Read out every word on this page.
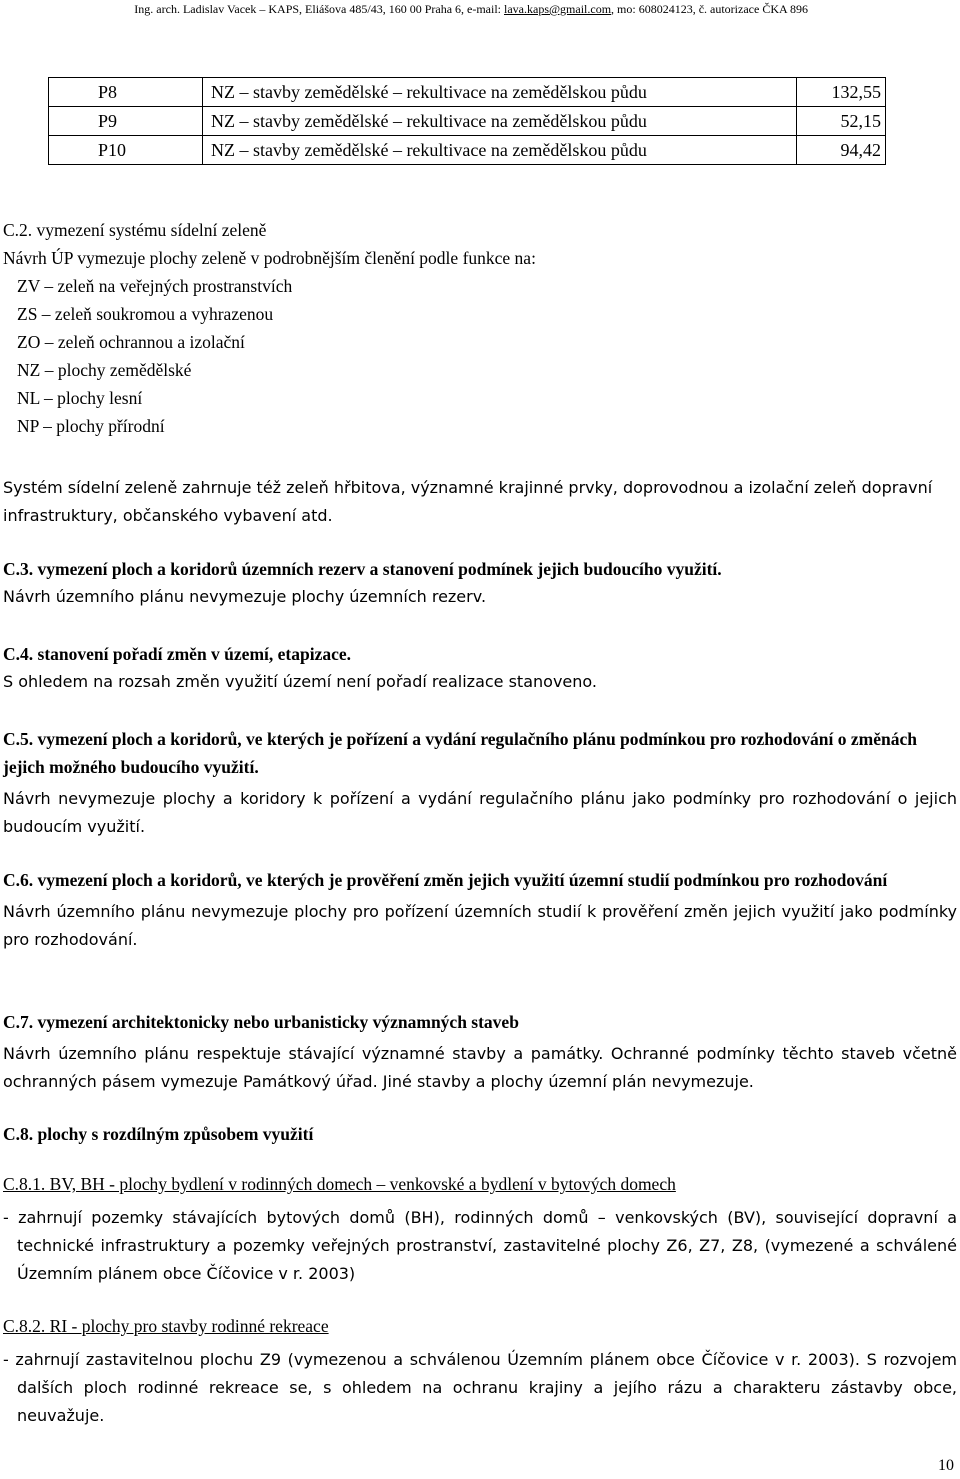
Ing. arch. Ladislav Vacek – KAPS, Eliášova 485/43, 160 00 Praha 6, e-mail: lava.kaps@gmail.com, mo: 608024123, č. autorizace ČKA 896
P8	NZ – stavby zemědělské – rekultivace na zemědělskou půdu	132,55
P9	NZ – stavby zemědělské – rekultivace na zemědělskou půdu	52,15
P10	NZ – stavby zemědělské – rekultivace na zemědělskou půdu	94,42
C.2. vymezení systému sídelní zeleně
Návrh ÚP vymezuje plochy zeleně v podrobnějším členění podle funkce na:
ZV – zeleň na veřejných prostranstvích
ZS – zeleň soukromou a vyhrazenou
ZO – zeleň ochrannou a izolační
NZ – plochy zemědělské
NL – plochy lesní
NP – plochy přírodní
Systém sídelní zeleně zahrnuje též zeleň hřbitova, významné krajinné prvky, doprovodnou a izolační zeleň dopravní infrastruktury, občanského vybavení atd.
C.3. vymezení ploch a koridorů územních rezerv a stanovení podmínek jejich budoucího využití.
Návrh územního plánu nevymezuje plochy územních rezerv.
C.4. stanovení pořadí změn v území, etapizace.
S ohledem na rozsah změn využití území není pořadí realizace stanoveno.
C.5. vymezení ploch a koridorů, ve kterých je pořízení a vydání regulačního plánu podmínkou pro rozhodování o změnách jejich možného budoucího využití.
Návrh nevymezuje plochy a koridory k pořízení a vydání regulačního plánu jako podmínky pro rozhodování o jejich budoucím využití.
C.6. vymezení ploch a koridorů, ve kterých je prověření změn jejich využití územní studií podmínkou pro rozhodování
Návrh územního plánu nevymezuje plochy pro pořízení územních studií k prověření změn jejich využití jako podmínky pro rozhodování.
C.7. vymezení architektonicky nebo urbanisticky významných staveb
Návrh územního plánu respektuje stávající významné stavby a památky. Ochranné podmínky těchto staveb včetně ochranných pásem vymezuje Památkový úřad. Jiné stavby a plochy územní plán nevymezuje.
C.8. plochy s rozdílným způsobem využití
C.8.1. BV, BH - plochy bydlení v rodinných domech – venkovské a bydlení v bytových domech
- zahrnují pozemky stávajících bytových domů (BH), rodinných domů – venkovských (BV), související dopravní a technické infrastruktury a pozemky veřejných prostranství, zastavitelné plochy Z6, Z7, Z8, (vymezené a schválené Územním plánem obce Číčovice v r. 2003)
C.8.2. RI - plochy pro stavby rodinné rekreace
- zahrnují zastavitelnou plochu Z9 (vymezenou a schválenou Územním plánem obce Číčovice v r. 2003). S rozvojem dalších ploch rodinné rekreace se, s ohledem na ochranu krajiny a jejího rázu a charakteru zástavby obce, neuvažuje.
10
